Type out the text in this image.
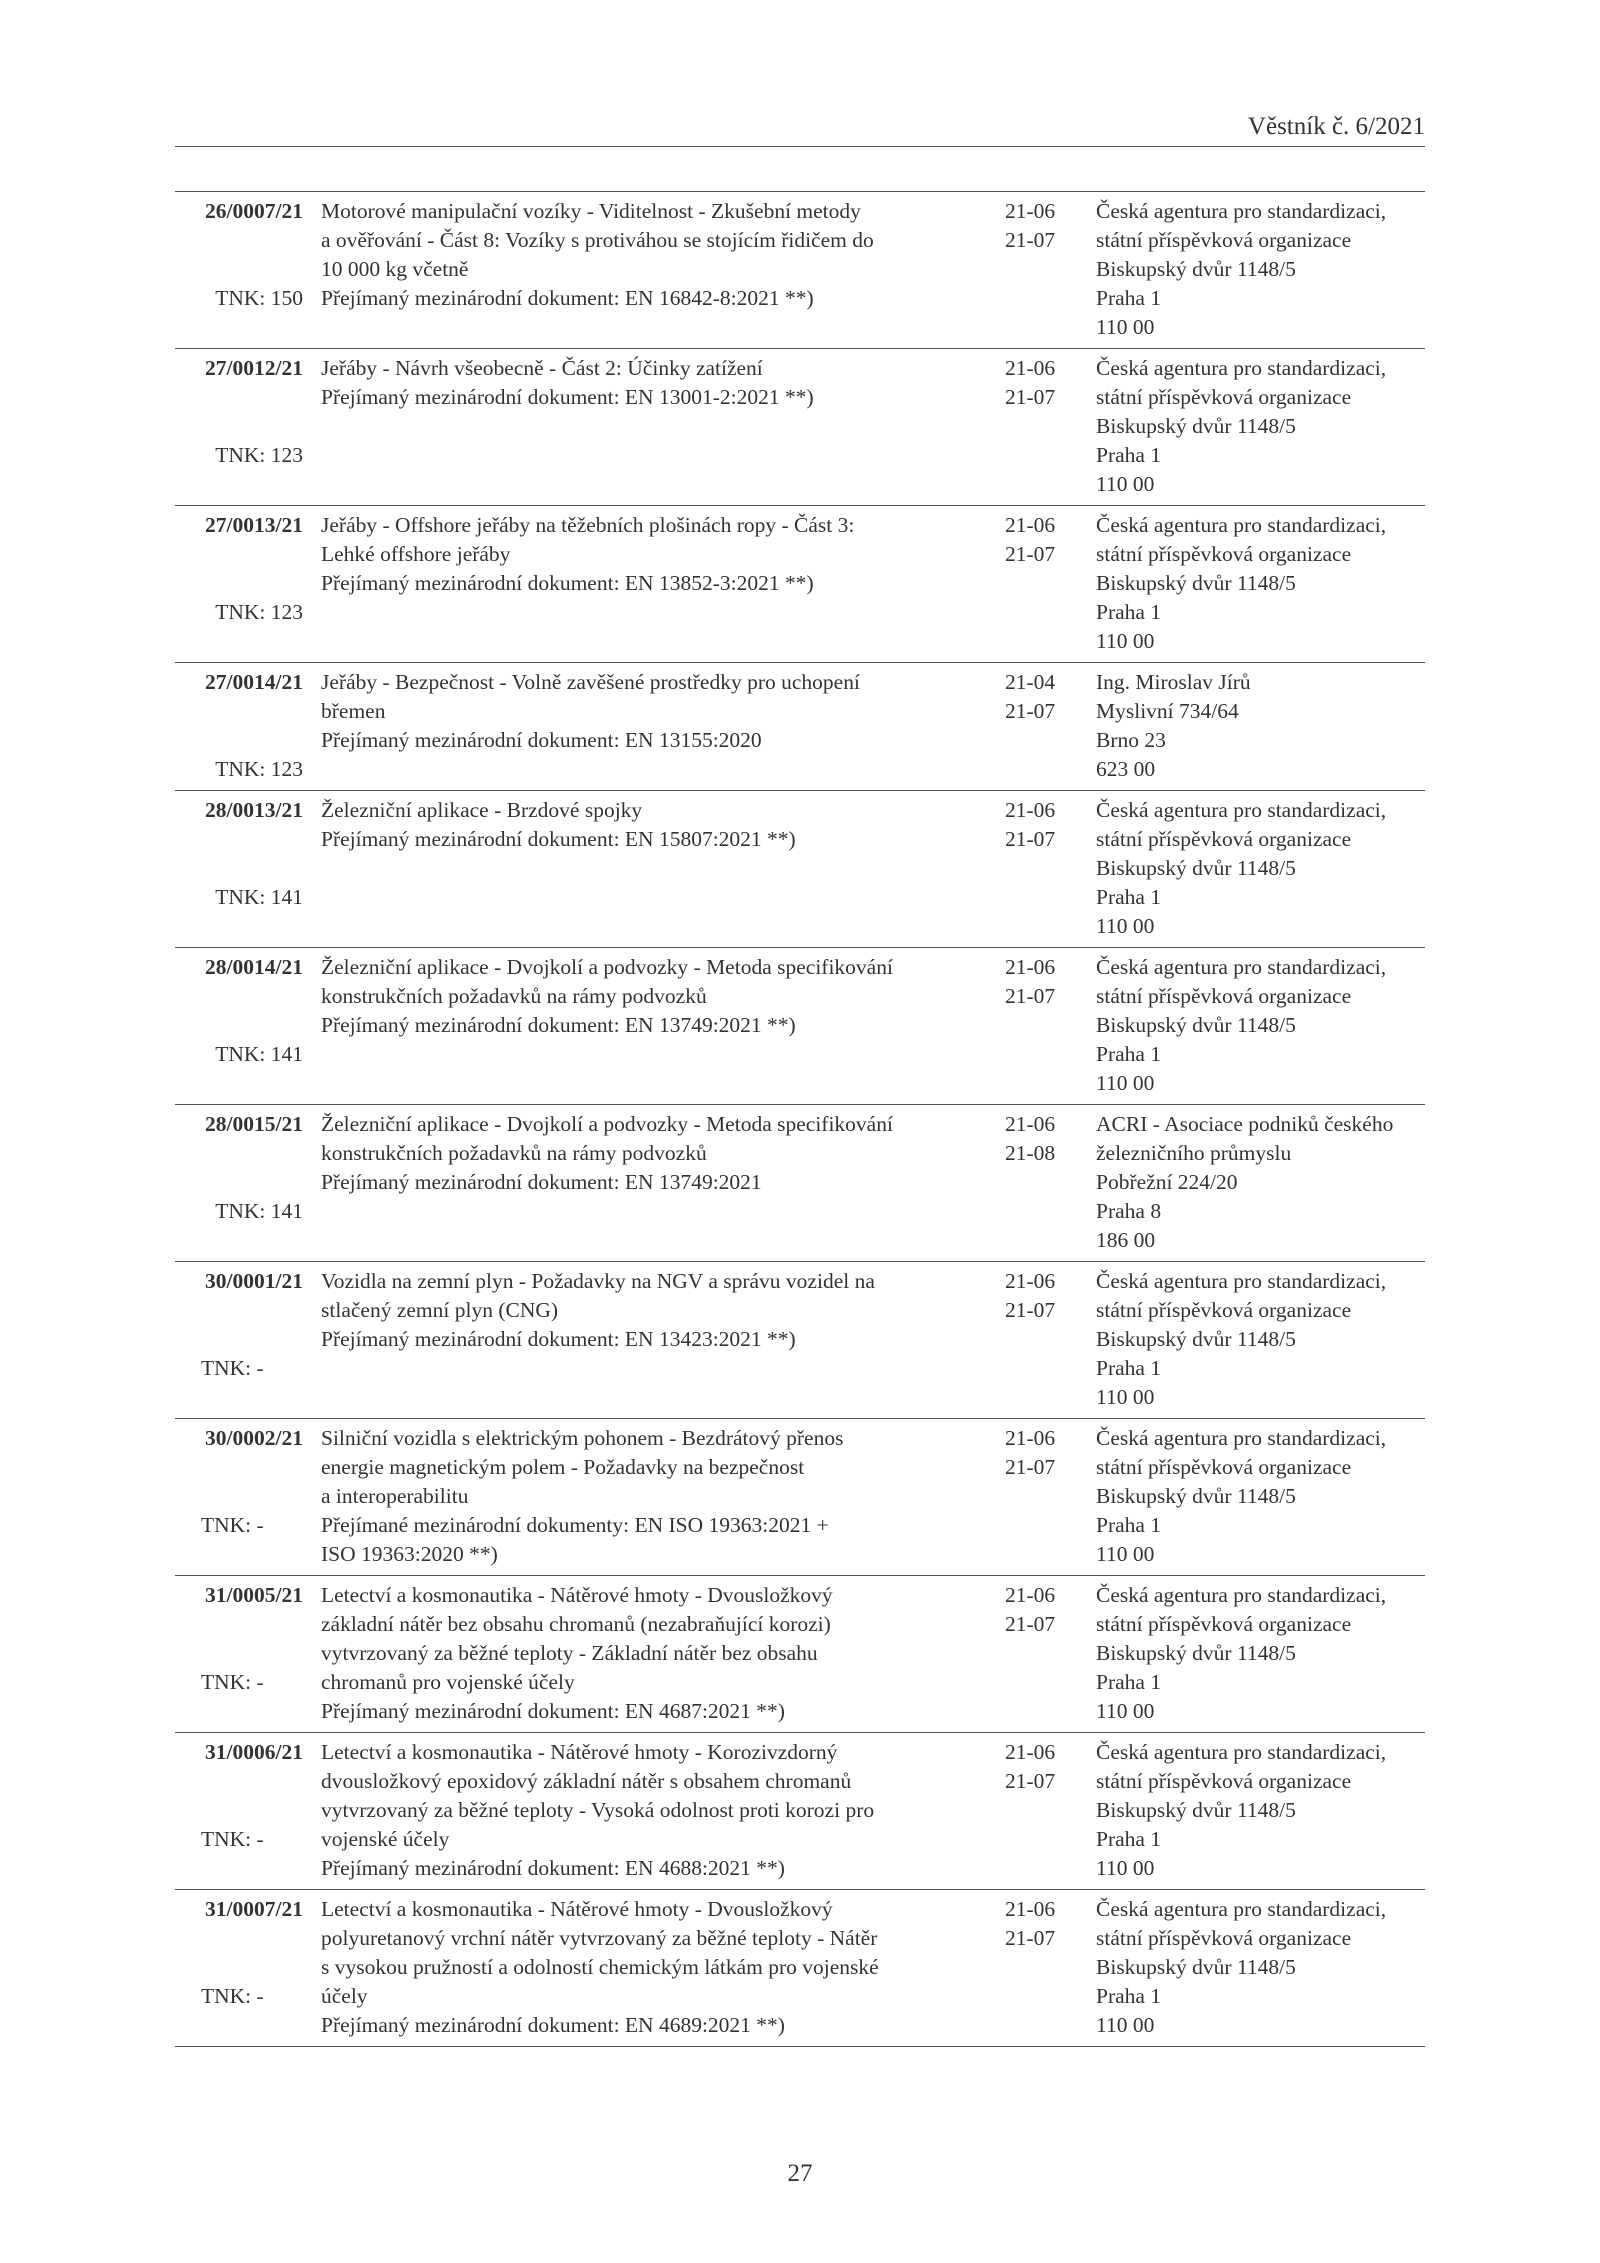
Věstník č. 6/2021
26/0007/21
TNK: 150
Motorové manipulační vozíky - Viditelnost - Zkušební metody
a ověřování - Část 8: Vozíky s protiváhou se stojícím řidičem do
10 000 kg včetně
Přejímaný mezinárodní dokument: EN 16842-8:2021 **)
21-06
21-07
Česká agentura pro standardizaci,
státní příspěvková organizace
Biskupský dvůr 1148/5
Praha 1
110 00
27/0012/21
TNK: 123
Jeřáby - Návrh všeobecně - Část 2: Účinky zatížení
Přejímaný mezinárodní dokument: EN 13001-2:2021 **)
21-06
21-07
Česká agentura pro standardizaci,
státní příspěvková organizace
Biskupský dvůr 1148/5
Praha 1
110 00
27/0013/21
TNK: 123
Jeřáby - Offshore jeřáby na těžebních plošinách ropy - Část 3:
Lehké offshore jeřáby
Přejímaný mezinárodní dokument: EN 13852-3:2021 **)
21-06
21-07
Česká agentura pro standardizaci,
státní příspěvková organizace
Biskupský dvůr 1148/5
Praha 1
110 00
27/0014/21
TNK: 123
Jeřáby - Bezpečnost - Volně zavěšené prostředky pro uchopení
břemen
Přejímaný mezinárodní dokument: EN 13155:2020
21-04
21-07
Ing. Miroslav Jírů
Myslivní 734/64
Brno 23
623 00
28/0013/21
TNK: 141
Železniční aplikace - Brzdové spojky
Přejímaný mezinárodní dokument: EN 15807:2021 **)
21-06
21-07
Česká agentura pro standardizaci,
státní příspěvková organizace
Biskupský dvůr 1148/5
Praha 1
110 00
28/0014/21
TNK: 141
Železniční aplikace - Dvojkolí a podvozky - Metoda specifikování
konstrukčních požadavků na rámy podvozků
Přejímaný mezinárodní dokument: EN 13749:2021 **)
21-06
21-07
Česká agentura pro standardizaci,
státní příspěvková organizace
Biskupský dvůr 1148/5
Praha 1
110 00
28/0015/21
TNK: 141
Železniční aplikace - Dvojkolí a podvozky - Metoda specifikování
konstrukčních požadavků na rámy podvozků
Přejímaný mezinárodní dokument: EN 13749:2021
21-06
21-08
ACRI - Asociace podniků českého
železničního průmyslu
Pobřežní 224/20
Praha 8
186 00
30/0001/21
TNK: -
Vozidla na zemní plyn - Požadavky na NGV a správu vozidel na
stlačený zemní plyn (CNG)
Přejímaný mezinárodní dokument: EN 13423:2021 **)
21-06
21-07
Česká agentura pro standardizaci,
státní příspěvková organizace
Biskupský dvůr 1148/5
Praha 1
110 00
30/0002/21
TNK: -
Silniční vozidla s elektrickým pohonem - Bezdrátový přenos
energie magnetickým polem - Požadavky na bezpečnost
a interoperabilitu
Přejímané mezinárodní dokumenty: EN ISO 19363:2021 +
ISO 19363:2020 **)
21-06
21-07
Česká agentura pro standardizaci,
státní příspěvková organizace
Biskupský dvůr 1148/5
Praha 1
110 00
31/0005/21
TNK: -
Letectví a kosmonautika - Nátěrové hmoty - Dvousložkový
základní nátěr bez obsahu chromanů (nezabraňující korozi)
vytvrzovaný za běžné teploty - Základní nátěr bez obsahu
chromanů pro vojenské účely
Přejímaný mezinárodní dokument: EN 4687:2021 **)
21-06
21-07
Česká agentura pro standardizaci,
státní příspěvková organizace
Biskupský dvůr 1148/5
Praha 1
110 00
31/0006/21
TNK: -
Letectví a kosmonautika - Nátěrové hmoty - Korozivzdorný
dvousložkový epoxidový základní nátěr s obsahem chromanů
vytvrzovaný za běžné teploty - Vysoká odolnost proti korozi pro
vojenské účely
Přejímaný mezinárodní dokument: EN 4688:2021 **)
21-06
21-07
Česká agentura pro standardizaci,
státní příspěvková organizace
Biskupský dvůr 1148/5
Praha 1
110 00
31/0007/21
TNK: -
Letectví a kosmonautika - Nátěrové hmoty - Dvousložkový
polyuretanový vrchní nátěr vytvrzovaný za běžné teploty - Nátěr
s vysokou pružností a odolností chemickým látkám pro vojenské
účely
Přejímaný mezinárodní dokument: EN 4689:2021 **)
21-06
21-07
Česká agentura pro standardizaci,
státní příspěvková organizace
Biskupský dvůr 1148/5
Praha 1
110 00
27
